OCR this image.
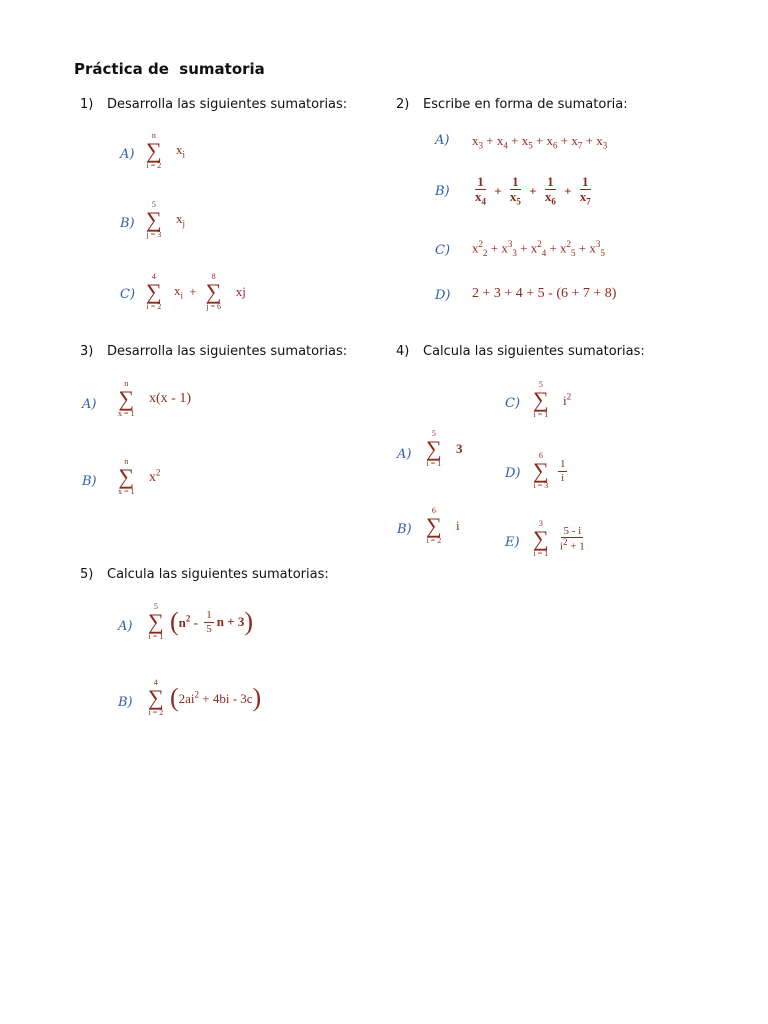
Práctica de  sumatoria
1) Desarrolla las siguientes sumatorias:	2) Escribe en forma de sumatoria:
3) Desarrolla las siguientes sumatorias:	4) Calcula las siguientes sumatorias:
5) Calcula las siguientes sumatorias:
A)
n
∑
i = 2
$x_i$
B)
5
∑
j = 3
$x_j$
C)
4
∑
i = 2
$x_i$ +
8
∑
j = 6
xj
A) $x_3 + x_4 + x_5 + x_6 + x_7 + x_3$
$B) \frac{1}{x_4} + \frac{1}{x_5} + \frac{1}{x_6} + \frac{1}{x_7}$
C) $x^2_2 + x^3_3 + x^2_4 + x^2_5 + x^3_5$
D) 2 + 3 + 4 + 5 - (6 + 7 + 8)
A)
n
∑
x = 1
x(x - 1)
B)
n
∑
x = 1
$x^2$
A)
5
∑
i = 1
3
B)
6
∑
i = 2
i
C)
5
∑
i = 1
$i^2$
D)
6
∑
i = 3

$\frac{1}{i}$
E)
3
∑
i = 1

$\frac{5 - i}{i^2 + 1}$
A)
5
∑
i = 1
($n^2 - \frac{1}{5}$ n + 3)
B)
4
∑
i = 2
$(2ai^2 + 4bi - 3c)$
